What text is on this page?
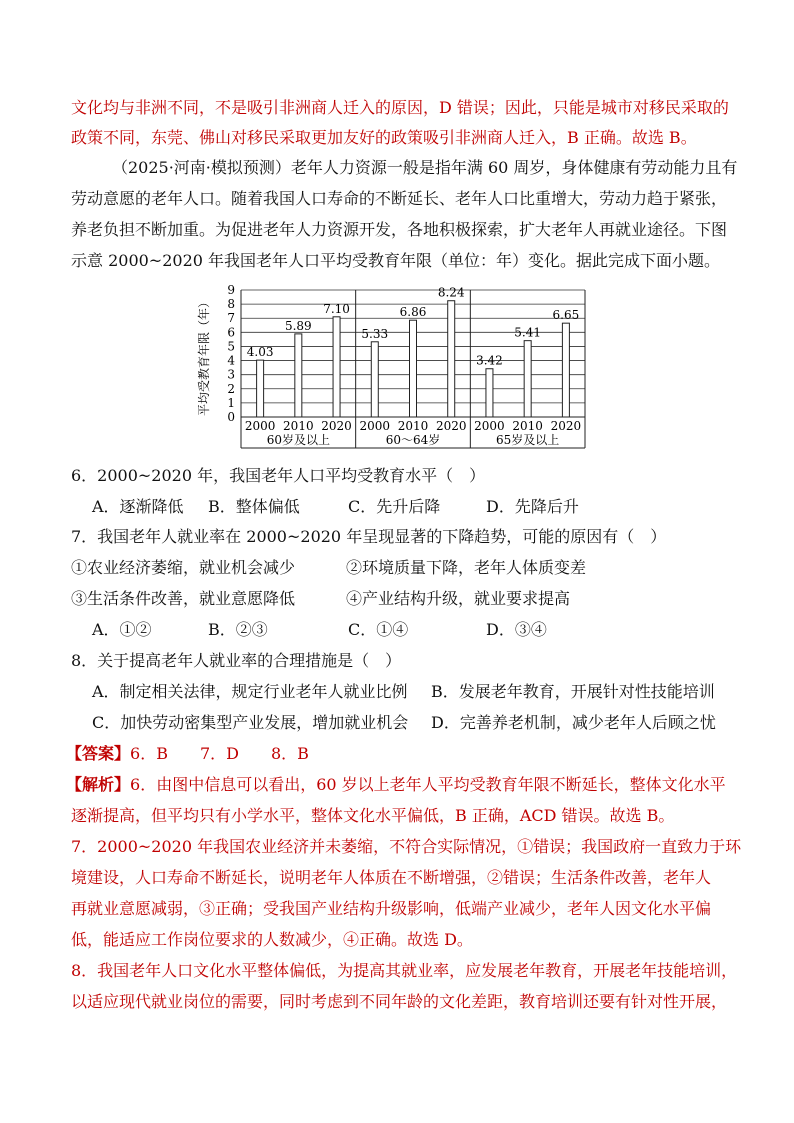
文化均与非洲不同，不是吸引非洲商人迁入的原因，D 错误；因此，只能是城市对移民采取的
政策不同，东莞、佛山对移民采取更加友好的政策吸引非洲商人迁入，B 正确。故选 B。
（2025·河南·模拟预测）老年人力资源一般是指年满 60 周岁，身体健康有劳动能力且有
劳动意愿的老年人口。随着我国人口寿命的不断延长、老年人口比重增大，劳动力趋于紧张，
养老负担不断加重。为促进老年人力资源开发，各地积极探索，扩大老年人再就业途径。下图
示意 2000~2020 年我国老年人口平均受教育年限（单位：年）变化。据此完成下面小题。
平均受教育年限（年）
0
1
2
3
4
5
6
7
8
9
4.03
2000
5.89
2010
7.10
2020
60岁及以上
5.33
2000
6.86
2010
8.24
2020
60～64岁
3.42
2000
5.41
2010
6.65
2020
65岁及以上
6．2000~2020 年，我国老年人口平均受教育水平（　）
A．逐渐降低 B．整体偏低	C．先升后降	D．先降后升
7．我国老年人就业率在 2000~2020 年呈现显著的下降趋势，可能的原因有（　）
①农业经济萎缩，就业机会减少	②环境质量下降，老年人体质变差
③生活条件改善，就业意愿降低	④产业结构升级，就业要求提高
A．①②	B．②③	C．①④	D．③④
8．关于提高老年人就业率的合理措施是（　）
A．制定相关法律，规定行业老年人就业比例 B．发展老年教育，开展针对性技能培训
C．加快劳动密集型产业发展，增加就业机会 D．完善养老机制，减少老年人后顾之忧
【答案】6．B　　7．D　　8．B
【解析】6．由图中信息可以看出，60 岁以上老年人平均受教育年限不断延长，整体文化水平
逐渐提高，但平均只有小学水平，整体文化水平偏低，B 正确，ACD 错误。故选 B。
7．2000~2020 年我国农业经济并未萎缩，不符合实际情况，①错误；我国政府一直致力于环
境建设，人口寿命不断延长，说明老年人体质在不断增强，②错误；生活条件改善，老年人
再就业意愿减弱，③正确；受我国产业结构升级影响，低端产业减少，老年人因文化水平偏
低，能适应工作岗位要求的人数减少，④正确。故选 D。
8．我国老年人口文化水平整体偏低，为提高其就业率，应发展老年教育，开展老年技能培训，
以适应现代就业岗位的需要，同时考虑到不同年龄的文化差距，教育培训还要有针对性开展，
